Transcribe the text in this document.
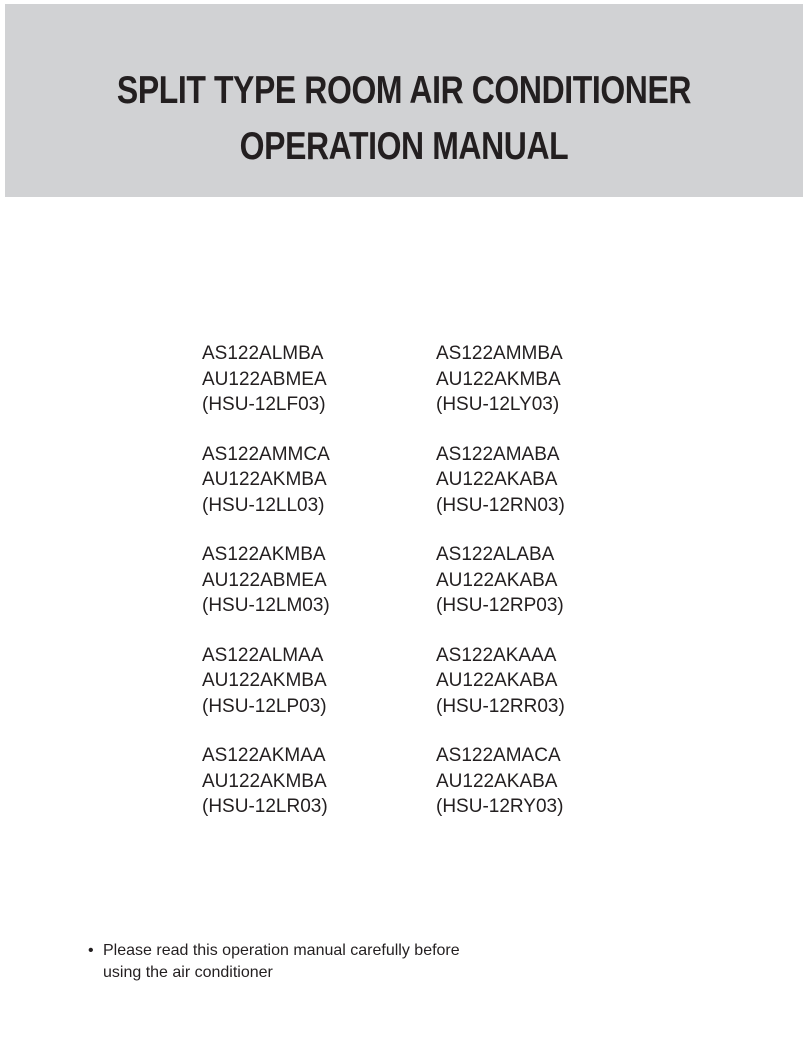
SPLIT TYPE ROOM AIR CONDITIONER
OPERATION MANUAL
AS122ALMBA
AU122ABMEA
(HSU-12LF03)
AS122AMMCA
AU122AKMBA
(HSU-12LL03)
AS122AKMBA
AU122ABMEA
(HSU-12LM03)
AS122ALMAA
AU122AKMBA
(HSU-12LP03)
AS122AKMAA
AU122AKMBA
(HSU-12LR03)
AS122AMMBA
AU122AKMBA
(HSU-12LY03)
AS122AMABA
AU122AKABA
(HSU-12RN03)
AS122ALABA
AU122AKABA
(HSU-12RP03)
AS122AKAAA
AU122AKABA
(HSU-12RR03)
AS122AMACA
AU122AKABA
(HSU-12RY03)
• Please read this operation manual carefully before
using the air conditioner
